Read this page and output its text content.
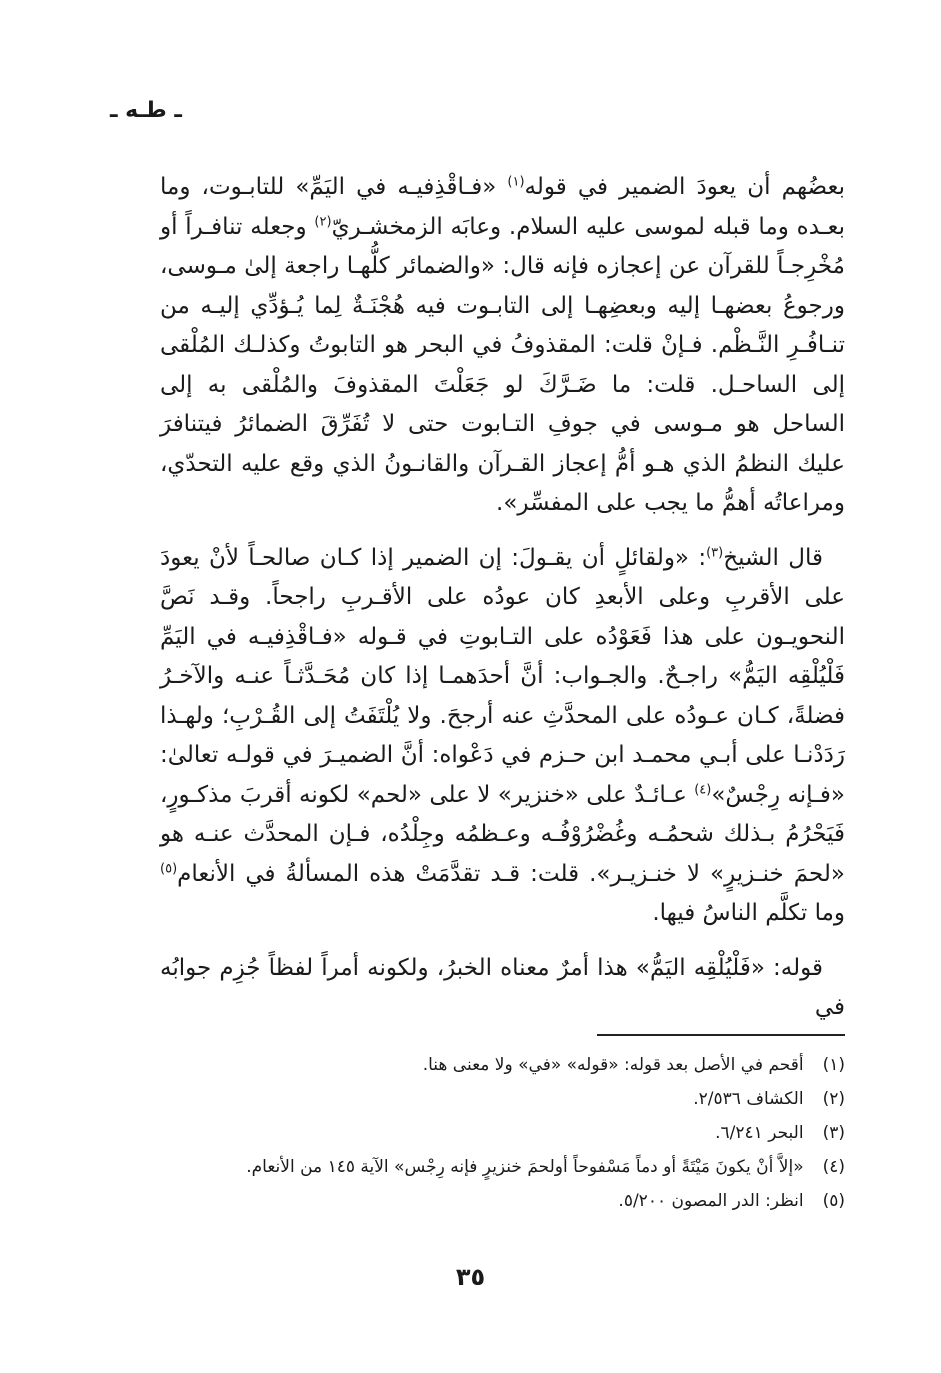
ـ طـه ـ

بعضُهم أن يعودَ الضمير في قوله$^{(١)}$ «فـاقْذِفيـه في اليَمِّ» للتابـوت، وما بعـده وما قبله لموسى عليه السلام. وعابَه الزمخشـريّ$^{(٢)}$ وجعله تنافـراً أو مُخْرِجـاً للقرآن عن إعجازه فإنه قال: «والضمائر كلُّهـا راجعة إلىٰ مـوسى، ورجوعُ بعضهـا إليه وبعضِهـا إلى التابـوت فيه هُجْنَـةٌ لِما يُـؤدِّي إليـه من تنـافُـرِ النَّـظْم. فـإنْ قلت: المقذوفُ في البحر هو التابوتُ وكذلـك المُلْقى إلى الساحـل. قلت: ما ضَـرَّكَ لو جَعَلْتَ المقذوفَ والمُلْقى به إلى الساحل هو مـوسى في جوفِ التـابوت حتى لا تُفَرِّقَ الضمائرُ فيتنافرَ عليك النظمُ الذي هـو أمُّ إعجاز القـرآن والقانـونُ الذي وقع عليه التحدّي، ومراعاتُه أهمُّ ما يجب على المفسِّر».

قال الشيخ$^{(٣)}$: «ولقائلٍ أن يقـولَ: إن الضمير إذا كـان صالحـاً لأنْ يعودَ على الأقربِ وعلى الأبعدِ كان عودُه على الأقـربِ راجحاً. وقـد نَصَّ النحويـون على هذا فَعَوْدُه على التـابوتِ في قـوله «فـاقْذِفيـه في اليَمِّ فَلْيُلْقِه اليَمُّ» راجـحٌ. والجـواب: أنَّ أحدَهمـا إذا كان مُحَـدَّثـاً عنـه والآخـرُ فضلةً، كـان عـودُه على المحدَّثِ عنه أرجحَ. ولا يُلْتَفَتُ إلى القُـرْبِ؛ ولهـذا رَدَدْنـا على أبـي محمـد ابن حـزم في دَعْواه: أنَّ الضميـرَ في قولـه تعالىٰ: «فـإنه رِجْسٌ»$^{(٤)}$ عـائـدٌ على «خنزير» لا على «لحم» لكونه أقربَ مذكـورٍ، فَيَحْرُمُ بـذلك شحمُـه وغُضْرُوْفُـه وعـظمُه وجِلْدُه، فـإن المحدَّث عنـه هو «لحمَ خنـزيرٍ» لا خنـزيـر». قلت: قـد تقدَّمَتْ هذه المسألةُ في الأنعام$^{(٥)}$ وما تكلَّم الناسُ فيها.

قوله: «فَلْيُلْقِه اليَمُّ» هذا أمرٌ معناه الخبرُ، ولكونه أمراً لفظاً جُزِم جوابُه في

(١) أقحم في الأصل بعد قوله: «قوله» «في» ولا معنى هنا.
(٢) الكشاف ٢/٥٣٦.
(٣) البحر ٦/٢٤١.
(٤) «إلاَّ أنْ يكونَ مَيْتَةً أو دماً مَسْفوحاً أولحمَ خنزيرٍ فإنه رِجْس» الآية ١٤٥ من الأنعام.
(٥) انظر: الدر المصون ٥/٢٠٠.
٣٥
